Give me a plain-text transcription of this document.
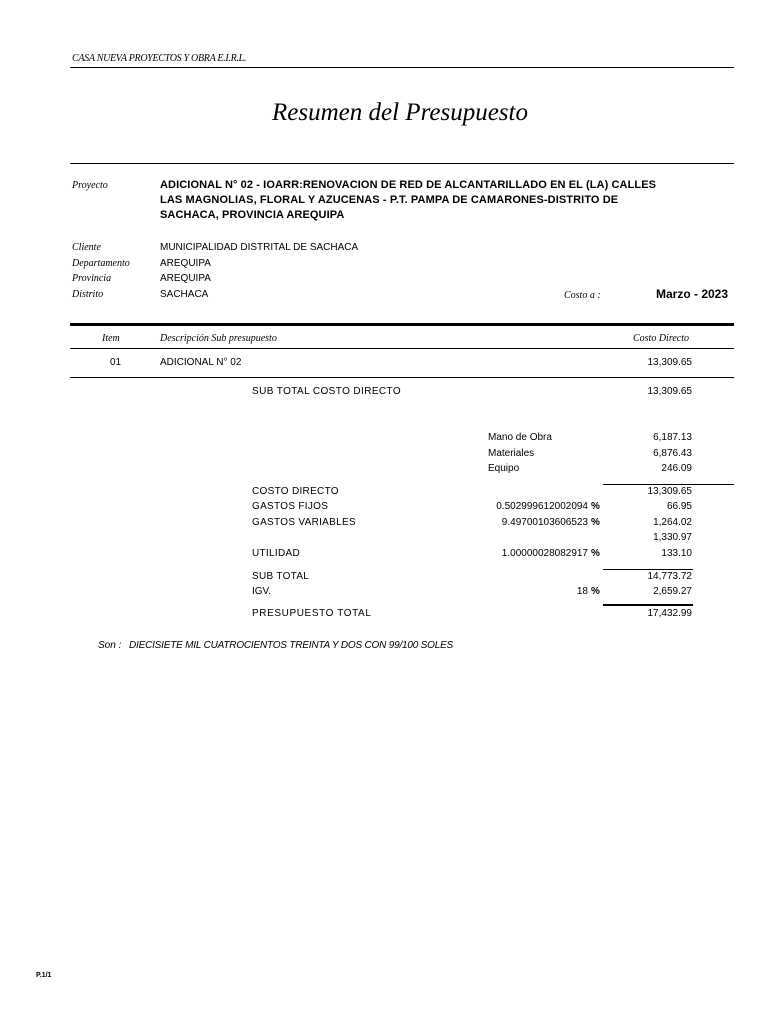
CASA NUEVA PROYECTOS Y OBRA E.I.R.L.
Resumen del Presupuesto
Proyecto	ADICIONAL N° 02 - IOARR:RENOVACION DE RED DE ALCANTARILLADO EN EL (LA) CALLES
LAS MAGNOLIAS, FLORAL Y AZUCENAS - P.T. PAMPA DE CAMARONES-DISTRITO DE
SACHACA, PROVINCIA AREQUIPA
Cliente	MUNICIPALIDAD DISTRITAL DE SACHACA
Departamento	AREQUIPA
Provincia	AREQUIPA
Distrito	SACHACA	Costo a :	Marzo - 2023
Item	Descripción Sub presupuesto	Costo Directo
01	ADICIONAL N° 02	13,309.65
SUB TOTAL COSTO DIRECTO	13,309.65
Mano de Obra	6,187.13
Materiales	6,876.43
Equipo	246.09
COSTO DIRECTO	13,309.65
GASTOS FIJOS	0.502999612002094 %	66.95
GASTOS VARIABLES	9.49700103606523 %	1,264.02
1,330.97
UTILIDAD	1.00000028082917 %	133.10
SUB TOTAL	14,773.72
IGV.	18 %	2,659.27
PRESUPUESTO TOTAL	17,432.99
Son : DIECISIETE MIL CUATROCIENTOS TREINTA Y DOS CON 99/100 SOLES
P.1/1
